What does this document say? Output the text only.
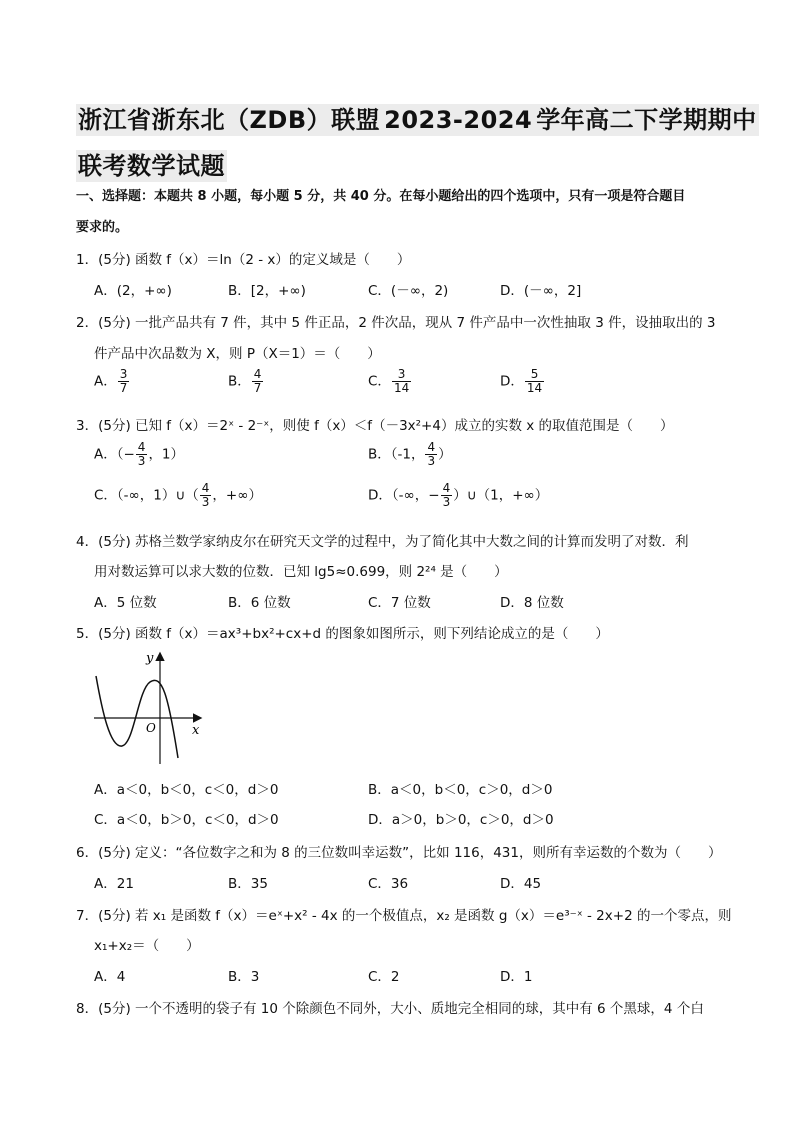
浙江省浙东北（ZDB）联盟 2023-2024 学年高二下学期期中
联考数学试题
一、选择题：本题共 8 小题，每小题 5 分，共 40 分。在每小题给出的四个选项中，只有一项是符合题目
要求的。
1．(5分) 函数 f（x）＝ln（2 - x）的定义域是（　　）
A．(2，+∞)	B．[2，+∞)	C．(－∞，2)	D．(－∞，2]
2．(5分) 一批产品共有 7 件，其中 5 件正品，2 件次品，现从 7 件产品中一次性抽取 3 件，设抽取出的 3
件产品中次品数为 X，则 P（X＝1）＝（　　）
A． $\frac{3}{7}$	B． $\frac{4}{7}$	C． $\frac{3}{14}$	D． $\frac{5}{14}$
3．(5分) 已知 f（x）＝2ˣ - 2⁻ˣ，则使 f（x）＜f（－3x²+4）成立的实数 x 的取值范围是（　　）
A．（− $\frac{4}{3}$ ，1）	B．（-1， $\frac{4}{3}$ ）
C．（-∞，1）∪（ $\frac{4}{3}$ ，+∞）	D．（-∞，− $\frac{4}{3}$ ）∪（1，+∞）
4．(5分) 苏格兰数学家纳皮尔在研究天文学的过程中，为了简化其中大数之间的计算而发明了对数．利
用对数运算可以求大数的位数．已知 lg5≈0.699，则 2²⁴ 是（　　）
A．5 位数	B．6 位数	C．7 位数	D．8 位数
5．(5分) 函数 f（x）＝ax³+bx²+cx+d 的图象如图所示，则下列结论成立的是（　　）
y
x
O
A．a＜0，b＜0，c＜0，d＞0	B．a＜0，b＜0，c＞0，d＞0
C．a＜0，b＞0，c＜0，d＞0	D．a＞0，b＞0，c＞0，d＞0
6．(5分) 定义：“各位数字之和为 8 的三位数叫幸运数”，比如 116，431，则所有幸运数的个数为（　　）
A．21	B．35	C．36	D．45
7．(5分) 若 x₁ 是函数 f（x）＝eˣ+x² - 4x 的一个极值点，x₂ 是函数 g（x）＝e³⁻ˣ - 2x+2 的一个零点，则
x₁+x₂＝（　　）
A．4	B．3	C．2	D．1
8．(5分) 一个不透明的袋子有 10 个除颜色不同外，大小、质地完全相同的球，其中有 6 个黑球，4 个白
